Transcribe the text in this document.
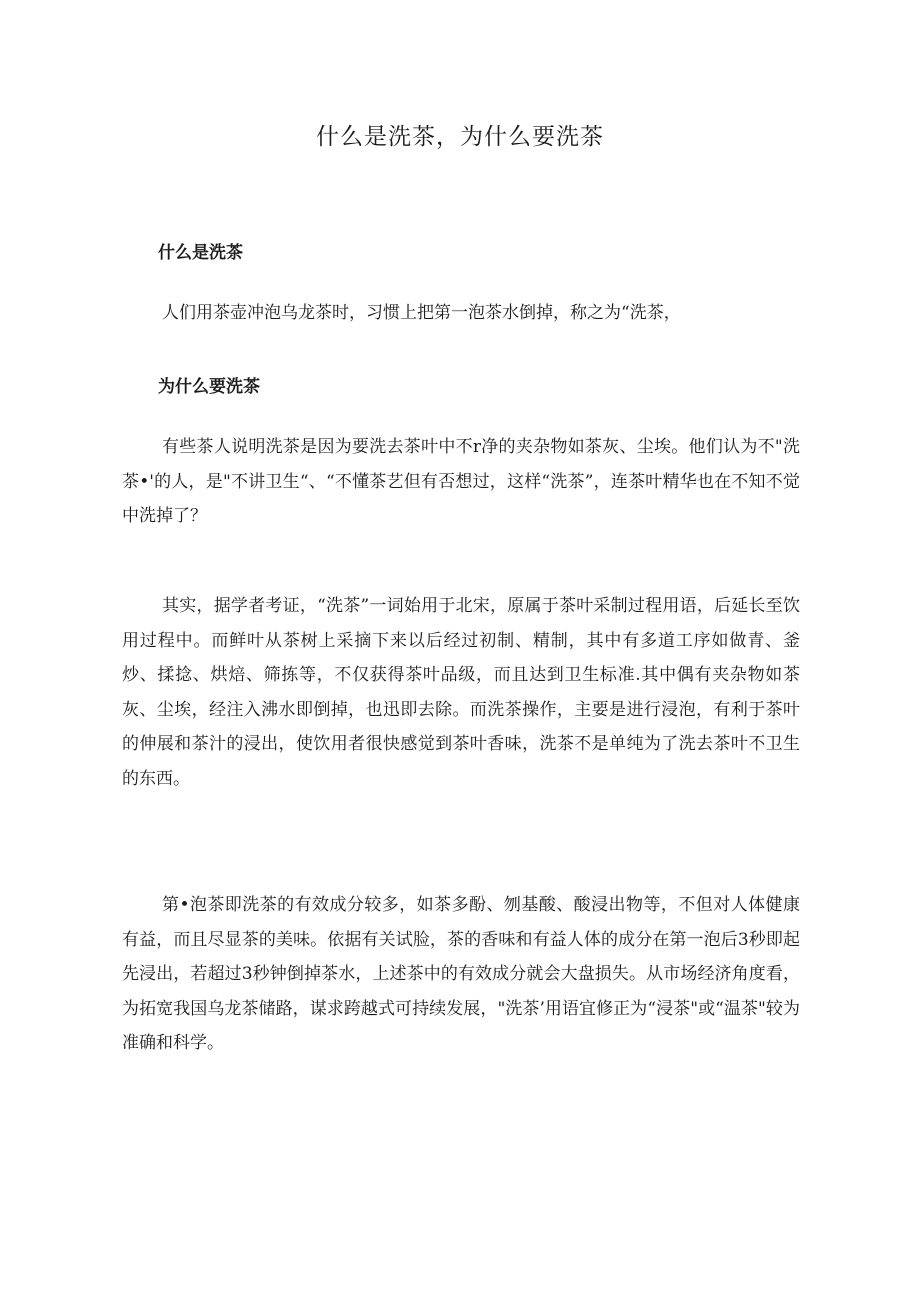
什么是洗茶，为什么要洗茶
什么是洗茶

人们用茶壶冲泡乌龙茶时，习惯上把第一泡茶水倒掉，称之为“洗茶，

为什么要洗茶

有些茶人说明洗茶是因为要洗去茶叶中不r净的夹杂物如茶灰、尘埃。他们认为不"洗茶•'的人，是"不讲卫生“、“不懂茶艺但有否想过，这样“洗茶”，连茶叶精华也在不知不觉中洗掉了？

其实，据学者考证，“洗茶”一词始用于北宋，原属于茶叶采制过程用语，后延长至饮用过程中。而鲜叶从茶树上采摘下来以后经过初制、精制，其中有多道工序如做青、釜炒、揉捻、烘焙、筛拣等，不仅获得茶叶品级，而且达到卫生标准.其中偶有夹杂物如茶灰、尘埃，经注入沸水即倒掉，也迅即去除。而洗茶操作，主要是进行浸泡，有利于茶叶的伸展和茶汁的浸出，使饮用者很快感觉到茶叶香味，洗茶不是单纯为了洗去茶叶不卫生的东西。

第•泡茶即洗茶的有效成分较多，如茶多酚、刎基酸、酸浸出物等，不但对人体健康有益，而且尽显茶的美味。依据有关试脸，茶的香味和有益人体的成分在第一泡后3秒即起先浸出，若超过3秒钟倒掉茶水，上述茶中的有效成分就会大盘损失。从市场经济角度看，为拓宽我国乌龙茶储路，谋求跨越式可持续发展，"洗茶’用语宜修正为“浸茶"或“温茶"较为准确和科学。
